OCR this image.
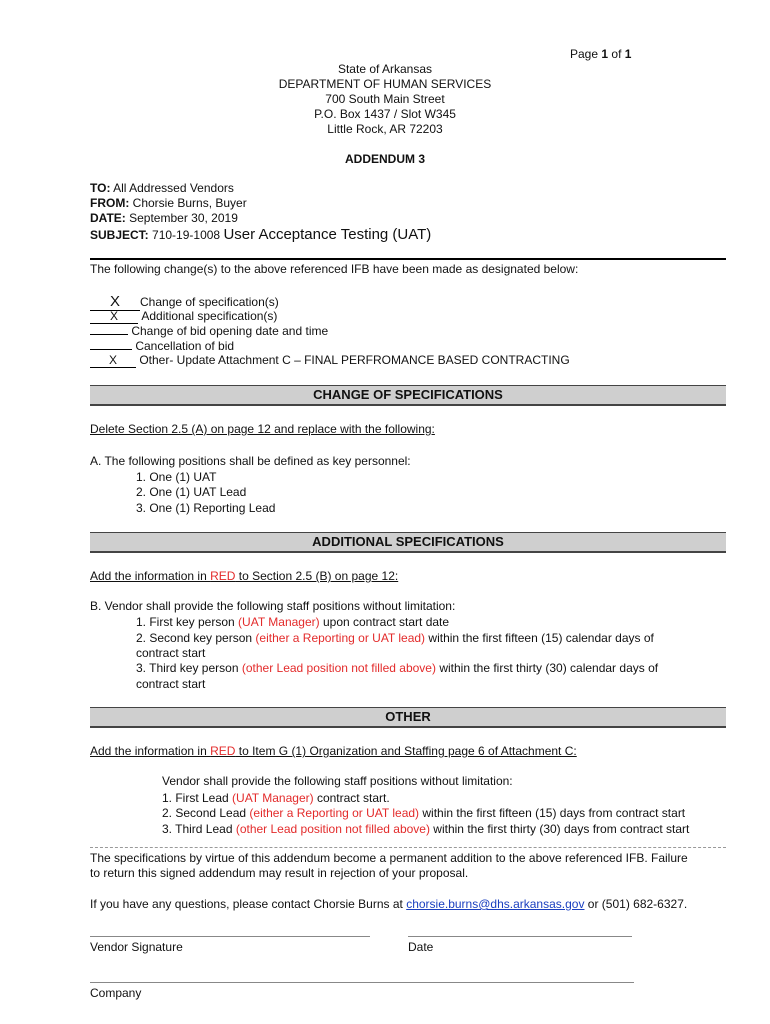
Page 1 of 1
State of Arkansas
DEPARTMENT OF HUMAN SERVICES
700 South Main Street
P.O. Box 1437 / Slot W345
Little Rock, AR 72203
ADDENDUM 3
TO: All Addressed Vendors
FROM: Chorsie Burns, Buyer
DATE: September 30, 2019
SUBJECT: 710-19-1008 User Acceptance Testing (UAT)
The following change(s) to the above referenced IFB have been made as designated below:
X Change of specification(s)
X Additional specification(s)
Change of bid opening date and time
Cancellation of bid
X Other- Update Attachment C – FINAL PERFROMANCE BASED CONTRACTING
CHANGE OF SPECIFICATIONS
Delete Section 2.5 (A) on page 12 and replace with the following:
A. The following positions shall be defined as key personnel:
1. One (1) UAT
2. One (1) UAT Lead
3. One (1) Reporting Lead
ADDITIONAL SPECIFICATIONS
Add the information in RED to Section 2.5 (B) on page 12:
B. Vendor shall provide the following staff positions without limitation:
1. First key person (UAT Manager) upon contract start date
2. Second key person (either a Reporting or UAT lead) within the first fifteen (15) calendar days of
contract start
3. Third key person (other Lead position not filled above) within the first thirty (30) calendar days of
contract start
OTHER
Add the information in RED to Item G (1) Organization and Staffing page 6 of Attachment C:
Vendor shall provide the following staff positions without limitation:
1. First Lead (UAT Manager) contract start.
2. Second Lead (either a Reporting or UAT lead) within the first fifteen (15) days from contract start
3. Third Lead (other Lead position not filled above) within the first thirty (30) days from contract start
The specifications by virtue of this addendum become a permanent addition to the above referenced IFB. Failure
to return this signed addendum may result in rejection of your proposal.
If you have any questions, please contact Chorsie Burns at chorsie.burns@dhs.arkansas.gov or (501) 682-6327.
Vendor Signature	Date
Company
